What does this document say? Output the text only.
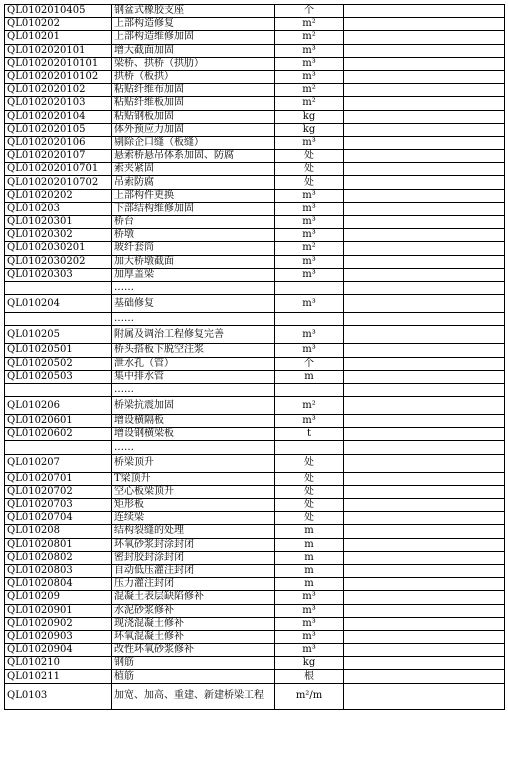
QL0102010405	钢盆式橡胶支座	个	
QL010202	上部构造修复	m²	
QL010201	上部构造维修加固	m²	
QL0102020101	增大截面加固	m³	
QL010202010101	梁桥、拱桥（拱肋）	m³	
QL010202010102	拱桥（板拱）	m³	
QL0102020102	粘贴纤维布加固	m²	
QL0102020103	粘贴纤维板加固	m²	
QL0102020104	粘贴钢板加固	kg	
QL0102020105	体外预应力加固	kg	
QL0102020106	剔除企口缝（板缝）	m³	
QL0102020107	悬索桥悬吊体系加固、防腐	处	
QL010202010701	索夹紧固	处	
QL010202010702	吊索防腐	处	
QL01020202	上部构件更换	m³	
QL010203	下部结构维修加固	m³	
QL01020301	桥台	m³	
QL01020302	桥墩	m³	
QL0102030201	玻纤套筒	m²	
QL0102030202	加大桥墩截面	m³	
QL01020303	加厚盖梁	m³	
	……		
QL010204	基础修复	m³	
	……		
QL010205	附属及调治工程修复完善	m³	
QL01020501	桥头搭板下脱空注浆	m³	
QL01020502	泄水孔（管）	个	
QL01020503	集中排水管	m	
	……		
QL010206	桥梁抗震加固	m²	
QL01020601	增设横隔板	m³	
QL01020602	增设钢横梁板	t	
	……		
QL010207	桥梁顶升	处	
QL01020701	T梁顶升	处	
QL01020702	空心板梁顶升	处	
QL01020703	矩形板	处	
QL01020704	连续梁	处	
QL010208	结构裂缝的处理	m	
QL01020801	环氧砂浆封涂封闭	m	
QL01020802	密封胶封涂封闭	m	
QL01020803	自动低压灌注封闭	m	
QL01020804	压力灌注封闭	m	
QL010209	混凝土表层缺陷修补	m³	
QL01020901	水泥砂浆修补	m³	
QL01020902	现浇混凝土修补	m³	
QL01020903	环氧混凝土修补	m³	
QL01020904	改性环氧砂浆修补	m³	
QL010210	钢筋	kg	
QL010211	植筋	根	
QL0103	加宽、加高、重建、新建桥梁工程	m²/m	
